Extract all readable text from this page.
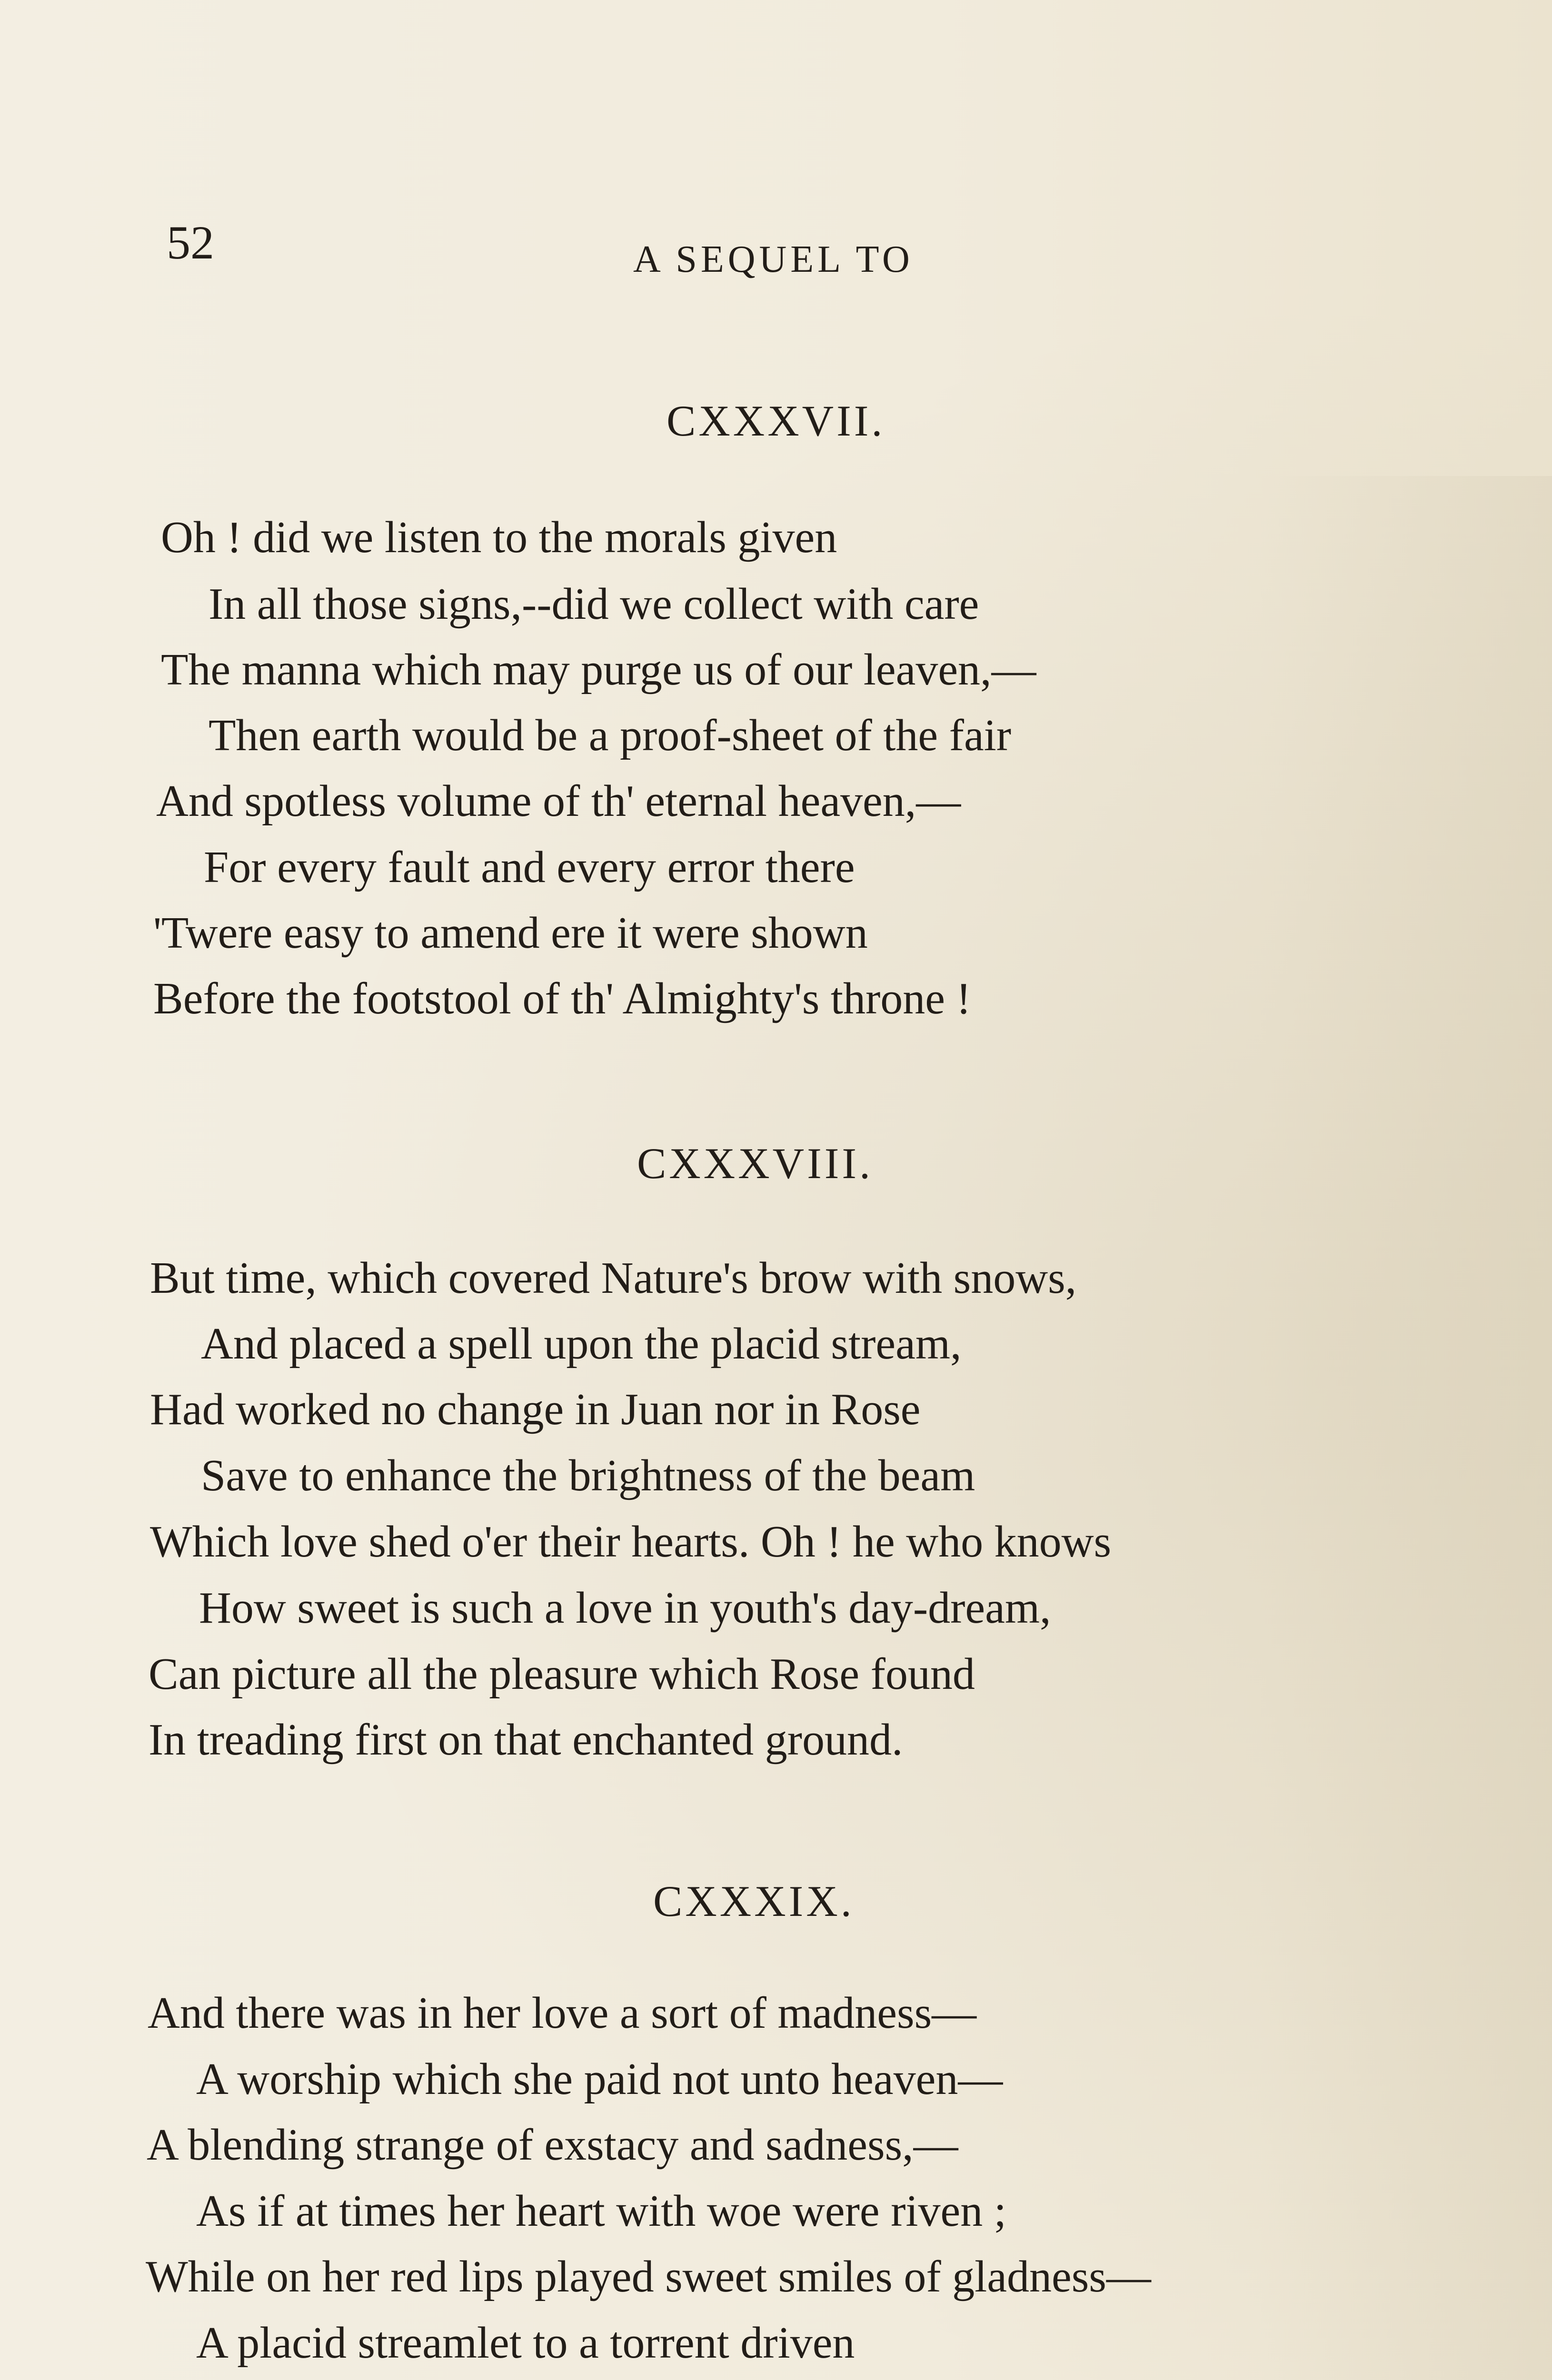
52	A SEQUEL TO
CXXXVII.
Oh ! did we listen to the morals given
In all those signs,--did we collect with care
The manna which may purge us of our leaven,—
Then earth would be a proof-sheet of the fair
And spotless volume of th' eternal heaven,—
For every fault and every error there
'Twere easy to amend ere it were shown
Before the footstool of th' Almighty's throne !
CXXXVIII.
But time, which covered Nature's brow with snows,
And placed a spell upon the placid stream,
Had worked no change in Juan nor in Rose
Save to enhance the brightness of the beam
Which love shed o'er their hearts. Oh ! he who knows
How sweet is such a love in youth's day-dream,
Can picture all the pleasure which Rose found
In treading first on that enchanted ground.
CXXXIX.
And there was in her love a sort of madness—
A worship which she paid not unto heaven—
A blending strange of exstacy and sadness,—
As if at times her heart with woe were riven ;
While on her red lips played sweet smiles of gladness—
A placid streamlet to a torrent driven
